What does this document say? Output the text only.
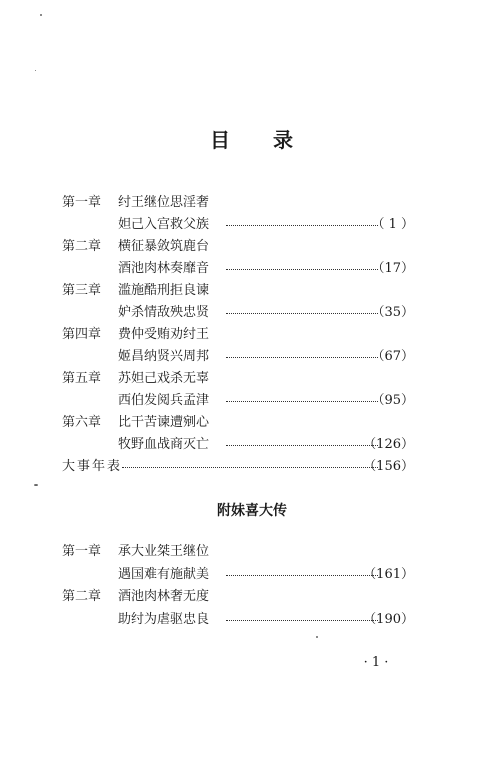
目 录
第一章	纣王继位思淫奢
妲己入宫救父族	（ 1 ）
第二章	横征暴敛筑鹿台
酒池肉林奏靡音	（17）
第三章	滥施酷刑拒良谏
妒杀情敌殃忠贤	（35）
第四章	费仲受贿劝纣王
姬昌纳贤兴周邦	（67）
第五章	苏妲己戏杀无辜
西伯发阅兵孟津	（95）
第六章	比干苦谏遭剜心
牧野血战商灭亡	（126）
大事年表	（156）
附妹喜大传
第一章	承大业桀王继位
遇国难有施献美	（161）
第二章	酒池肉林奢无度
助纣为虐驱忠良	（190）
· 1 ·
